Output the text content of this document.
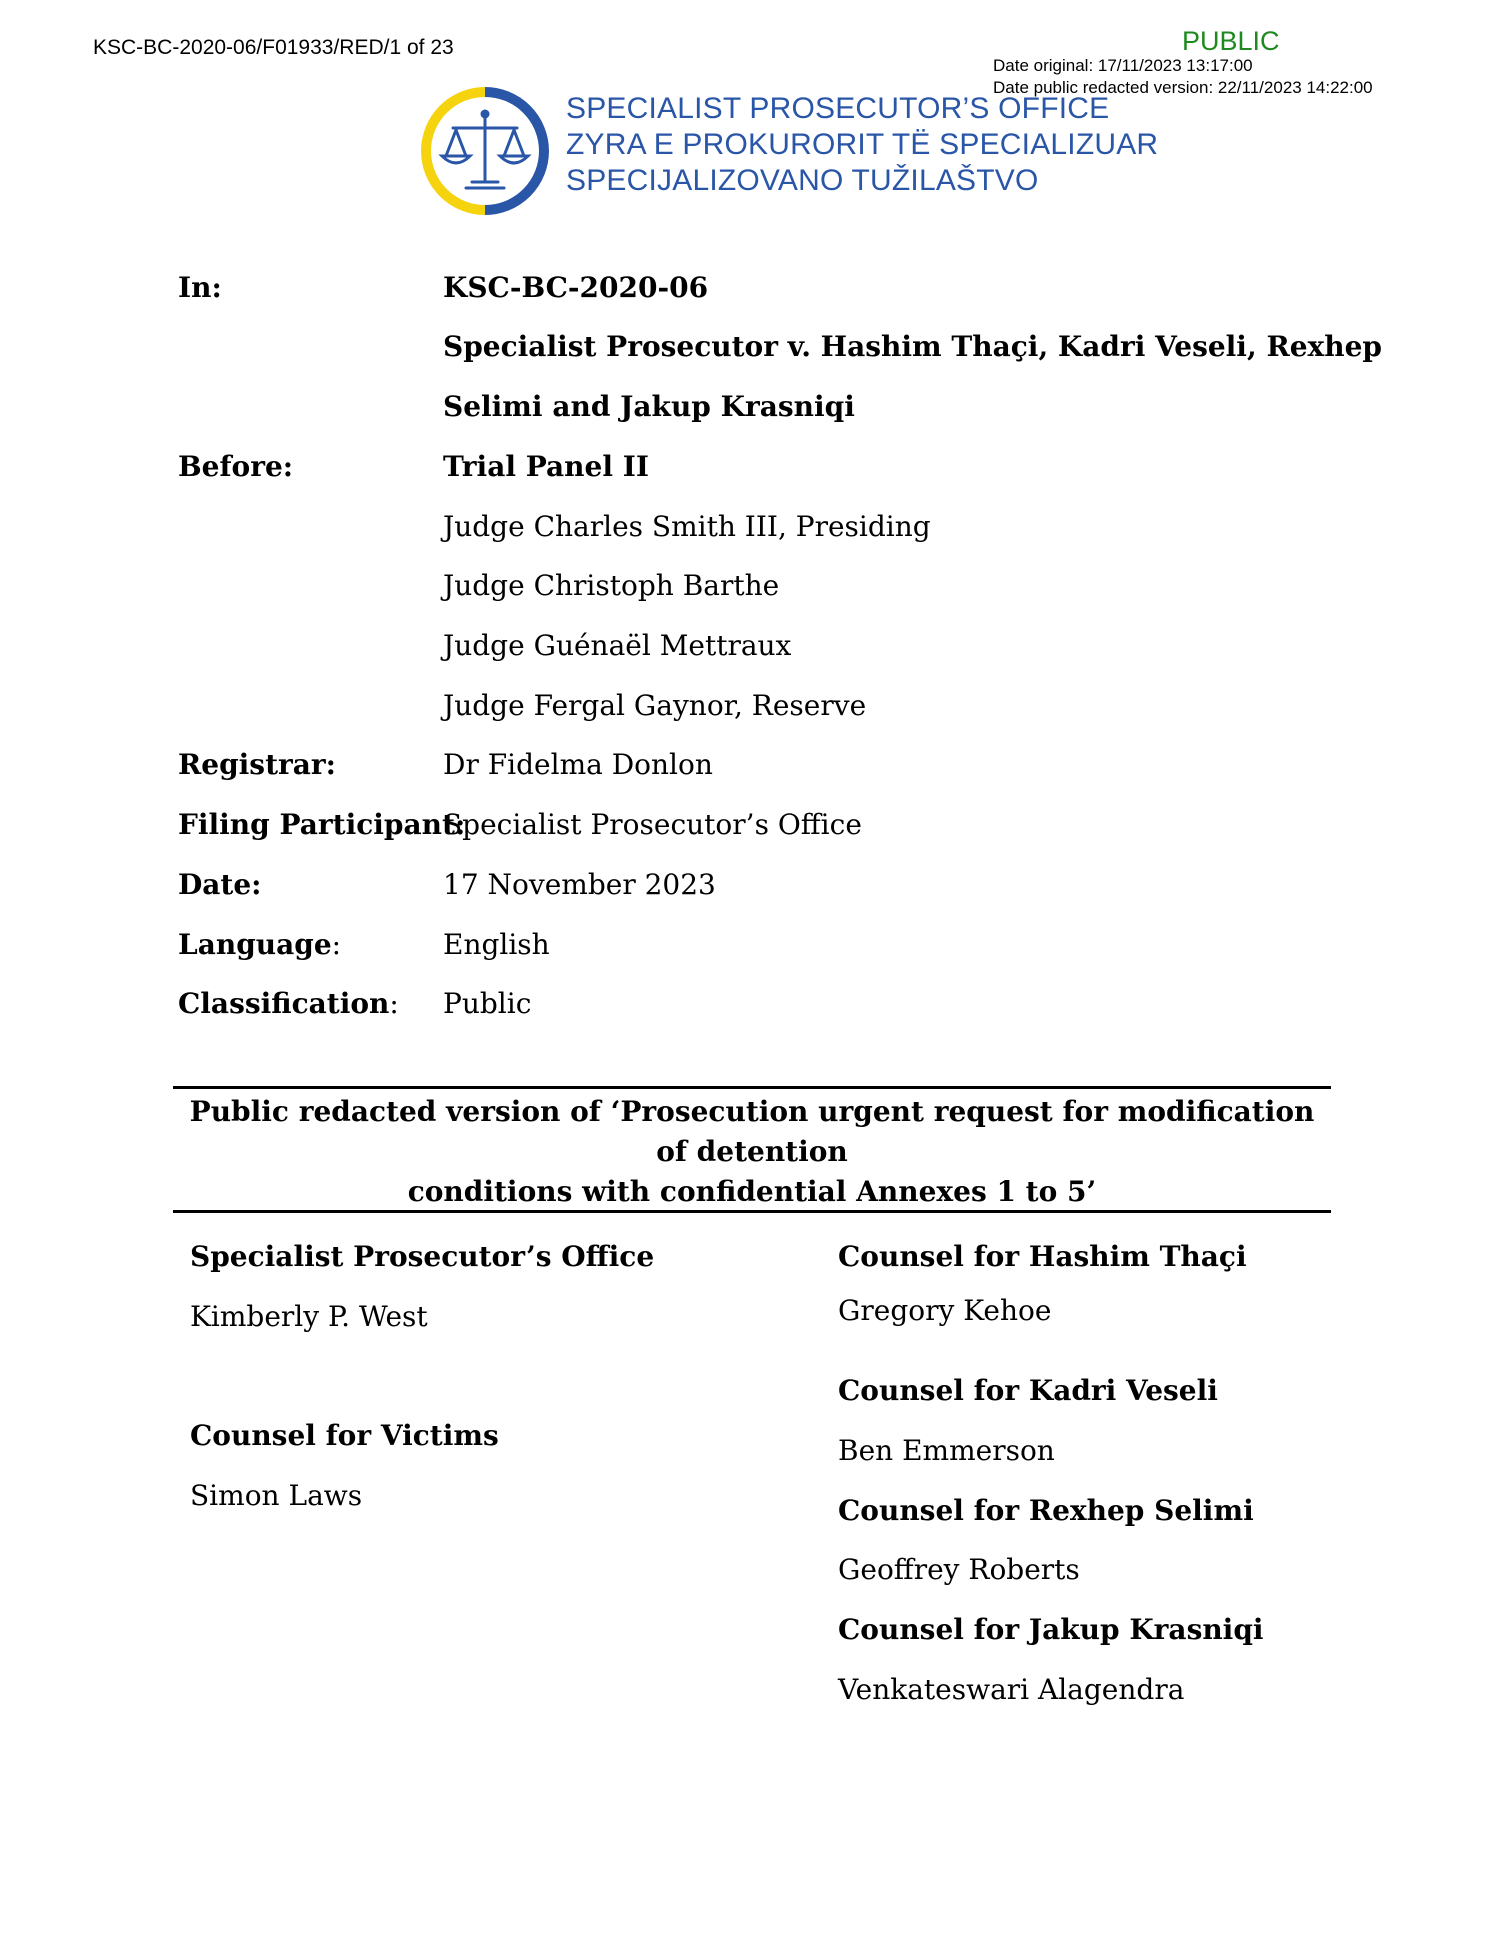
KSC-BC-2020-06/F01933/RED/1 of 23	PUBLIC
Date original: 17/11/2023 13:17:00
Date public redacted version: 22/11/2023 14:22:00
SPECIALIST PROSECUTOR’S OFFICE
ZYRA E PROKURORIT TË SPECIALIZUAR
SPECIJALIZOVANO TUŽILAŠTVO
In:	KSC-BC-2020-06
Specialist Prosecutor v. Hashim Thaçi, Kadri Veseli, Rexhep
Selimi and Jakup Krasniqi
Before:	Trial Panel II
Judge Charles Smith III, Presiding
Judge Christoph Barthe
Judge Guénaël Mettraux
Judge Fergal Gaynor, Reserve
Registrar:	Dr Fidelma Donlon
Filing Participant:
Specialist Prosecutor’s Office
Date:	17 November 2023
Language:	English
Classification: Public
Public redacted version of ‘Prosecution urgent request for modification of detention
conditions with confidential Annexes 1 to 5’
Specialist Prosecutor’s Office
Kimberly P. West
Counsel for Victims
Simon Laws
Counsel for Hashim Thaçi
Gregory Kehoe
Counsel for Kadri Veseli
Ben Emmerson
Counsel for Rexhep Selimi
Geoffrey Roberts
Counsel for Jakup Krasniqi
Venkateswari Alagendra
